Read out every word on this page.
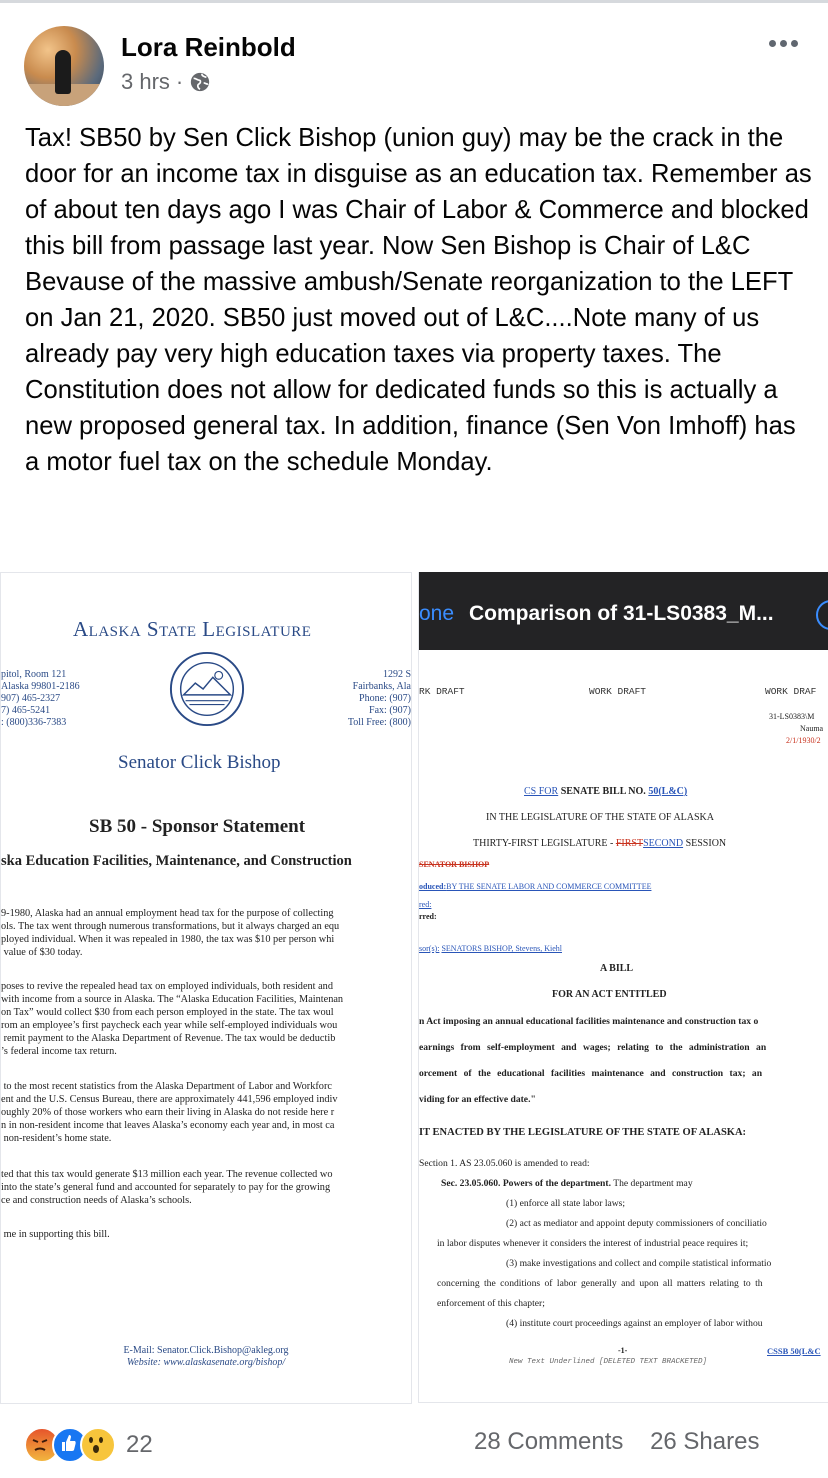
Lora Reinbold
3 hrs ·
Tax! SB50 by Sen Click Bishop (union guy) may be the crack in the door for an income tax in disguise as an education tax. Remember as of about ten days ago I was Chair of Labor & Commerce and blocked this bill from passage last year. Now Sen Bishop is Chair of L&C Bevause of the massive ambush/Senate reorganization to the LEFT on Jan 21, 2020. SB50 just moved out of L&C....Note many of us already pay very high education taxes via property taxes. The Constitution does not allow for dedicated funds so this is actually a new proposed general tax. In addition, finance (Sen Von Imhoff) has a motor fuel tax on the schedule Monday.
Alaska State Legislature
pitol, Room 121
Alaska 99801-2186
907) 465-2327
7) 465-5241
: (800)336-7383
1292 S
Fairbanks, Ala
Phone: (907)
Fax: (907)
Toll Free: (800)
Senator Click Bishop
SB 50 - Sponsor Statement
ska Education Facilities, Maintenance, and Construction
9-1980, Alaska had an annual employment head tax for the purpose of collecting
ols. The tax went through numerous transformations, but it always charged an equ
ployed individual. When it was repealed in 1980, the tax was $10 per person whi
value of $30 today.
poses to revive the repealed head tax on employed individuals, both resident and
with income from a source in Alaska. The “Alaska Education Facilities, Maintenan
on Tax” would collect $30 from each person employed in the state. The tax woul
rom an employee’s first paycheck each year while self-employed individuals wou
remit payment to the Alaska Department of Revenue. The tax would be deductib
’s federal income tax return.
to the most recent statistics from the Alaska Department of Labor and Workforc
ent and the U.S. Census Bureau, there are approximately 441,596 employed indiv
oughly 20% of those workers who earn their living in Alaska do not reside here r
n in non-resident income that leaves Alaska’s economy each year and, in most ca
non-resident’s home state.
ted that this tax would generate $13 million each year. The revenue collected wo
into the state’s general fund and accounted for separately to pay for the growing
ce and construction needs of Alaska’s schools.
me in supporting this bill.
E-Mail: Senator.Click.Bishop@akleg.org
Website: www.alaskasenate.org/bishop/
one Comparison of 31-LS0383_M...
RK DRAFT	WORK DRAFT	WORK DRAF
31-LS0383\M
Nauma
2/1/1930/2
CS FOR SENATE BILL NO. 50(L&C)
IN THE LEGISLATURE OF THE STATE OF ALASKA
THIRTY-FIRST LEGISLATURE - FIRSTSECOND SESSION
SENATOR BISHOP
oduced:BY THE SENATE LABOR AND COMMERCE COMMITTEE
red:
rred:
sor(s): SENATORS BISHOP, Stevens, Kiehl
A BILL
FOR AN ACT ENTITLED
n Act imposing an annual educational facilities maintenance and construction tax o
earnings from self-employment and wages; relating to the administration an
orcement of the educational facilities maintenance and construction tax; an
viding for an effective date."
IT ENACTED BY THE LEGISLATURE OF THE STATE OF ALASKA:
Section 1. AS 23.05.060 is amended to read:
Sec. 23.05.060. Powers of the department. The department may
(1) enforce all state labor laws;
(2) act as mediator and appoint deputy commissioners of conciliatio
in labor disputes whenever it considers the interest of industrial peace requires it;
(3) make investigations and collect and compile statistical informatio
concerning the conditions of labor generally and upon all matters relating to th
enforcement of this chapter;
(4) institute court proceedings against an employer of labor withou
-1-
New Text Underlined [DELETED TEXT BRACKETED]
CSSB 50(L&C
22	28 Comments 26 Shares
